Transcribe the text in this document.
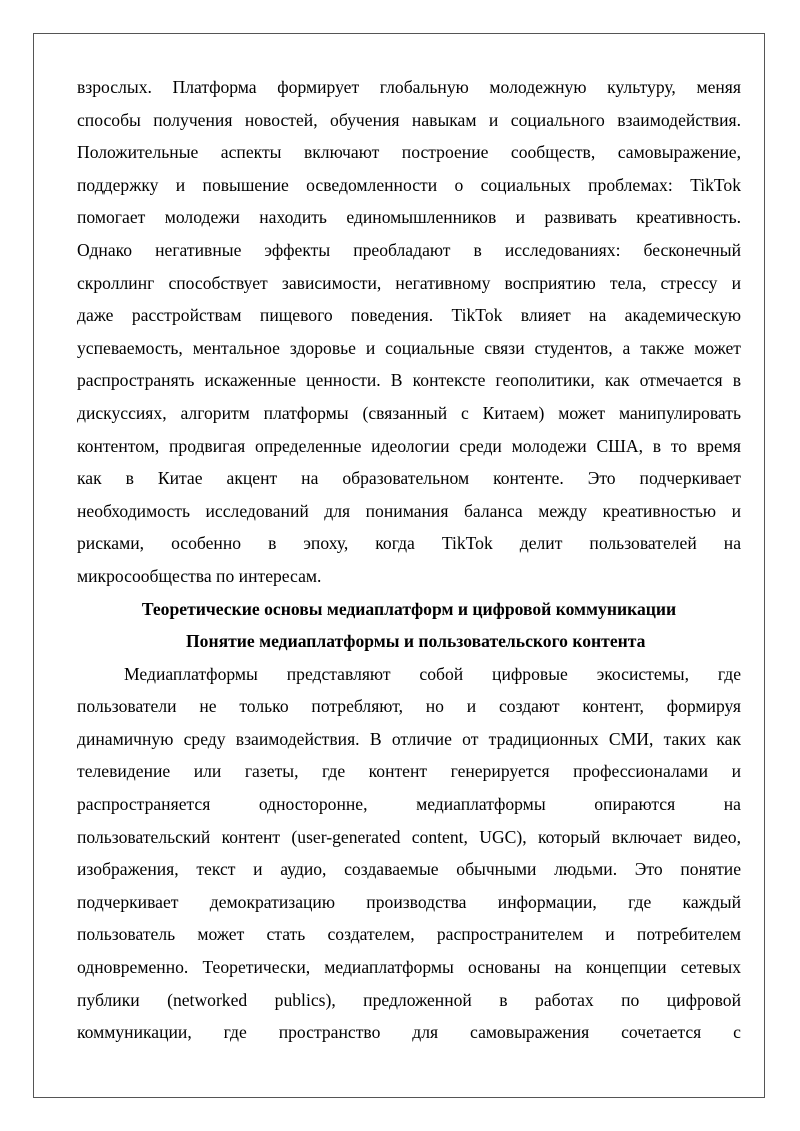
взрослых. Платформа формирует глобальную молодежную культуру, меняя
способы получения новостей, обучения навыкам и социального взаимодействия.
Положительные аспекты включают построение сообществ, самовыражение,
поддержку и повышение осведомленности о социальных проблемах: TikTok
помогает молодежи находить единомышленников и развивать креативность.
Однако негативные эффекты преобладают в исследованиях: бесконечный
скроллинг способствует зависимости, негативному восприятию тела, стрессу и
даже расстройствам пищевого поведения. TikTok влияет на академическую
успеваемость, ментальное здоровье и социальные связи студентов, а также может
распространять искаженные ценности. В контексте геополитики, как отмечается в
дискуссиях, алгоритм платформы (связанный с Китаем) может манипулировать
контентом, продвигая определенные идеологии среди молодежи США, в то время
как в Китае акцент на образовательном контенте. Это подчеркивает
необходимость исследований для понимания баланса между креативностью и
рисками, особенно в эпоху, когда TikTok делит пользователей на
микросообщества по интересам.
Теоретические основы медиаплатформ и цифровой коммуникации
Понятие медиаплатформы и пользовательского контента
Медиаплатформы представляют собой цифровые экосистемы, где
пользователи не только потребляют, но и создают контент, формируя
динамичную среду взаимодействия. В отличие от традиционных СМИ, таких как
телевидение или газеты, где контент генерируется профессионалами и
распространяется односторонне, медиаплатформы опираются на
пользовательский контент (user-generated content, UGC), который включает видео,
изображения, текст и аудио, создаваемые обычными людьми. Это понятие
подчеркивает демократизацию производства информации, где каждый
пользователь может стать создателем, распространителем и потребителем
одновременно. Теоретически, медиаплатформы основаны на концепции сетевых
публики (networked publics), предложенной в работах по цифровой
коммуникации, где пространство для самовыражения сочетается с
